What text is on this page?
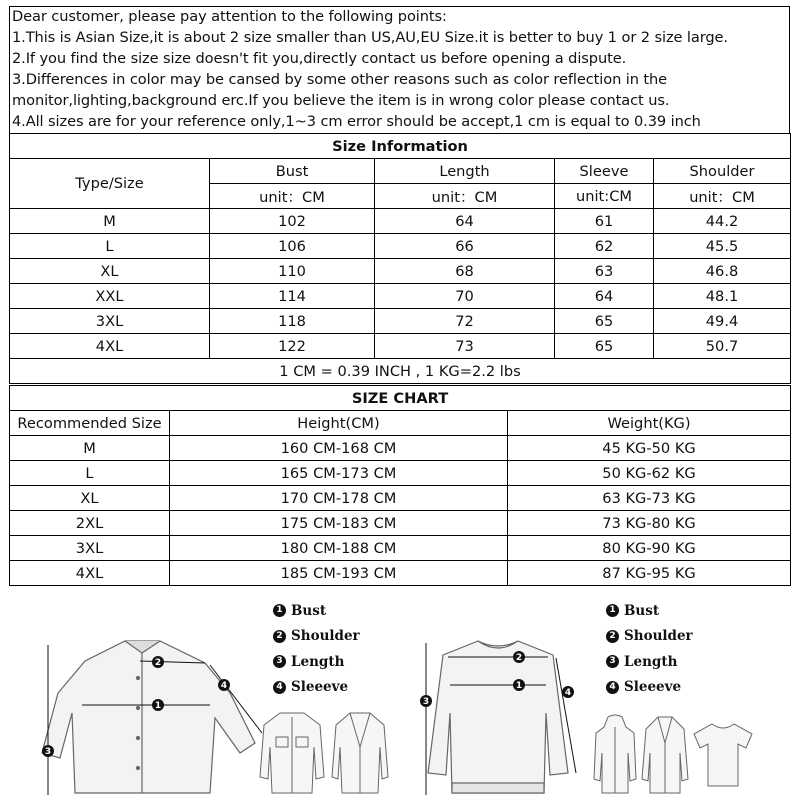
Dear customer, please pay attention to the following points:
1.This is Asian Size,it is about 2 size smaller than US,AU,EU Size.it is better to buy 1 or 2 size large.
2.If you find the size size doesn't fit you,directly contact us before opening a dispute.
3.Differences in color may be cansed by some other reasons such as color reflection in the
monitor,lighting,background erc.If you believe the item is in wrong color please contact us.
4.All sizes are for your reference only,1~3 cm error should be accept,1 cm is equal to 0.39 inch
Size Information				
Type/Size	Bust	Length	Sleeve	Shoulder
	unit：CM	unit：CM	unit:CM	unit：CM
M	102	64	61	44.2
L	106	66	62	45.5
XL	110	68	63	46.8
XXL	114	70	64	48.1
3XL	118	72	65	49.4
4XL	122	73	65	50.7
1 CM = 0.39 INCH , 1 KG=2.2 lbs				
SIZE CHART		
Recommended Size	Height(CM)	Weight(KG)
M	160 CM-168 CM	45 KG-50 KG
L	165 CM-173 CM	50 KG-62 KG
XL	170 CM-178 CM	63 KG-73 KG
2XL	175 CM-183 CM	73 KG-80 KG
3XL	180 CM-188 CM	80 KG-90 KG
4XL	185 CM-193 CM	87 KG-95 KG
3
1
2
4
1 Bust
2 Shoulder
3 Length
4 Sleeeve
3
1
2
4
1 Bust
2 Shoulder
3 Length
4 Sleeeve
